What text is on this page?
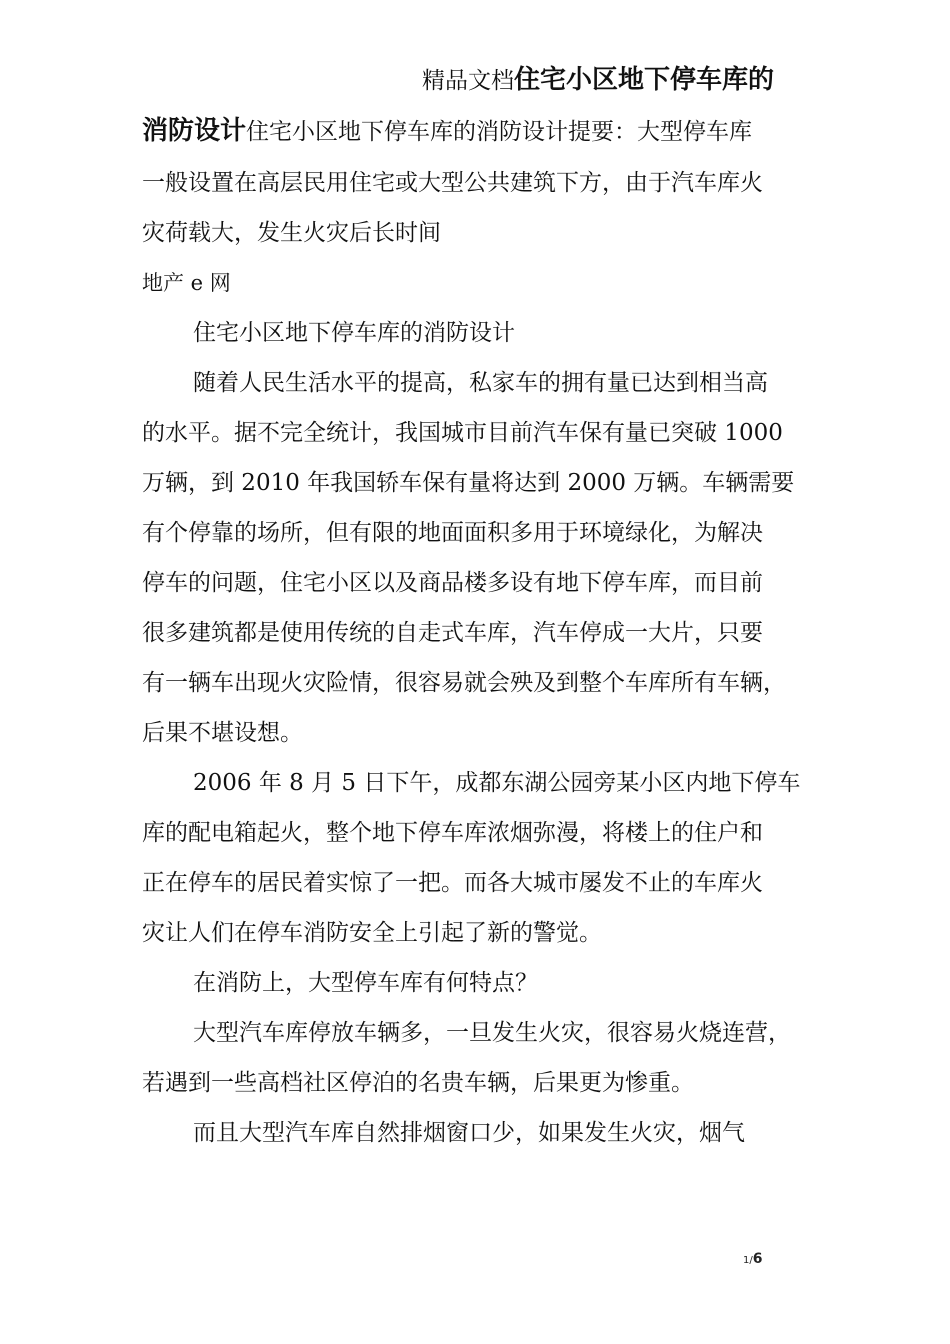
精品文档住宅小区地下停车库的
消防设计住宅小区地下停车库的消防设计提要：大型停车库
一般设置在高层民用住宅或大型公共建筑下方，由于汽车库火
灾荷载大，发生火灾后长时间
地产 e 网
住宅小区地下停车库的消防设计
随着人民生活水平的提高，私家车的拥有量已达到相当高
的水平。据不完全统计，我国城市目前汽车保有量已突破 1000
万辆，到 2010 年我国轿车保有量将达到 2000 万辆。车辆需要
有个停靠的场所，但有限的地面面积多用于环境绿化，为解决
停车的问题，住宅小区以及商品楼多设有地下停车库，而目前
很多建筑都是使用传统的自走式车库，汽车停成一大片，只要
有一辆车出现火灾险情，很容易就会殃及到整个车库所有车辆，
后果不堪设想。
2006 年 8 月 5 日下午，成都东湖公园旁某小区内地下停车
库的配电箱起火，整个地下停车库浓烟弥漫，将楼上的住户和
正在停车的居民着实惊了一把。而各大城市屡发不止的车库火
灾让人们在停车消防安全上引起了新的警觉。
在消防上，大型停车库有何特点？
大型汽车库停放车辆多，一旦发生火灾，很容易火烧连营，
若遇到一些高档社区停泊的名贵车辆，后果更为惨重。
而且大型汽车库自然排烟窗口少，如果发生火灾，烟气
1/6
